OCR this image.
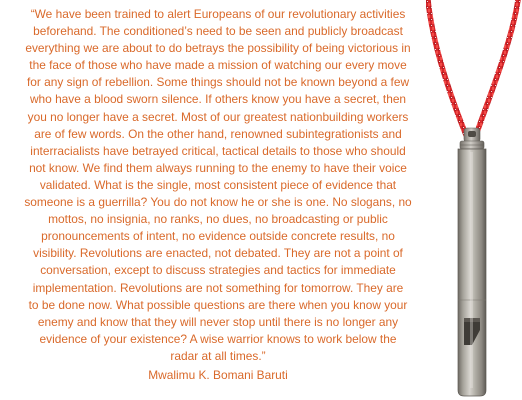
“We have been trained to alert Europeans of our revolutionary activities
beforehand. The conditioned’s need to be seen and publicly broadcast
everything we are about to do betrays the possibility of being victorious in
the face of those who have made a mission of watching our every move
for any sign of rebellion. Some things should not be known beyond a few
who have a blood sworn silence. If others know you have a secret, then
you no longer have a secret. Most of our greatest nationbuilding workers
are of few words. On the other hand, renowned subintegrationists and
interracialists have betrayed critical, tactical details to those who should
not know. We find them always running to the enemy to have their voice
validated. What is the single, most consistent piece of evidence that
someone is a guerrilla? You do not know he or she is one. No slogans, no
mottos, no insignia, no ranks, no dues, no broadcasting or public
pronouncements of intent, no evidence outside concrete results, no
visibility. Revolutions are enacted, not debated. They are not a point of
conversation, except to discuss strategies and tactics for immediate
implementation. Revolutions are not something for tomorrow. They are
to be done now. What possible questions are there when you know your
enemy and know that they will never stop until there is no longer any
evidence of your existence? A wise warrior knows to work below the
radar at all times.”

Mwalimu K. Bomani Baruti
